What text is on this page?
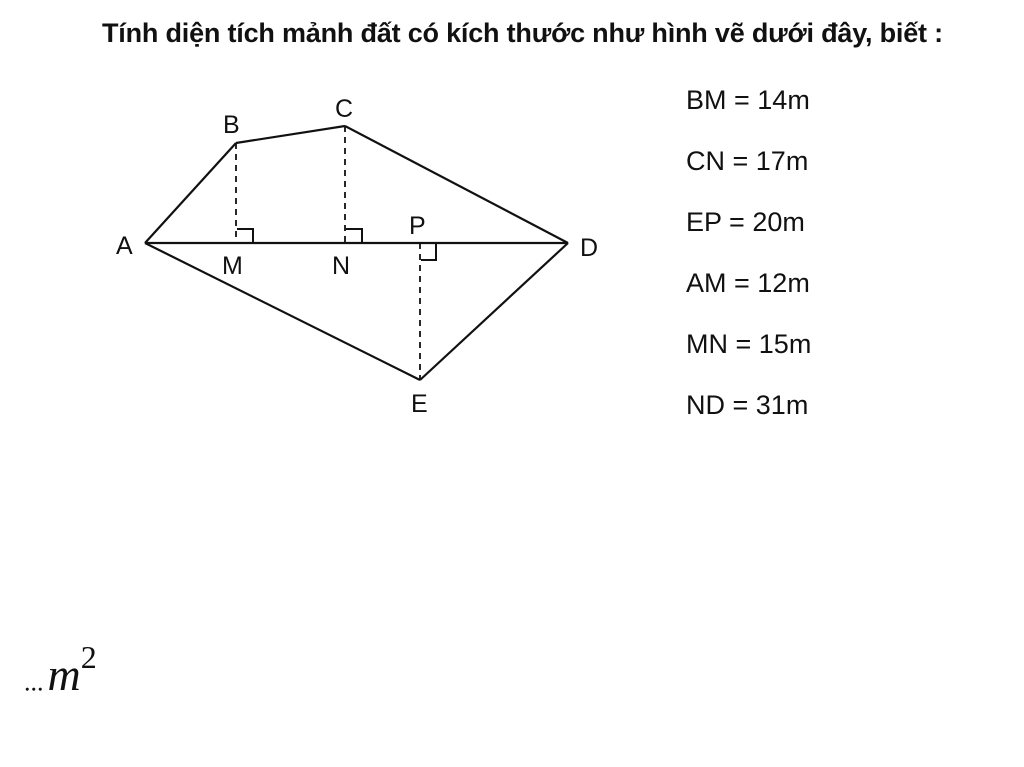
Tính diện tích mảnh đất có kích thước như hình vẽ dưới đây, biết :
A
B
C
D
E
M	N
P
BM = 14m
CN = 17m
EP = 20m
AM = 12m
MN = 15m
ND = 31m
$...m^2$
